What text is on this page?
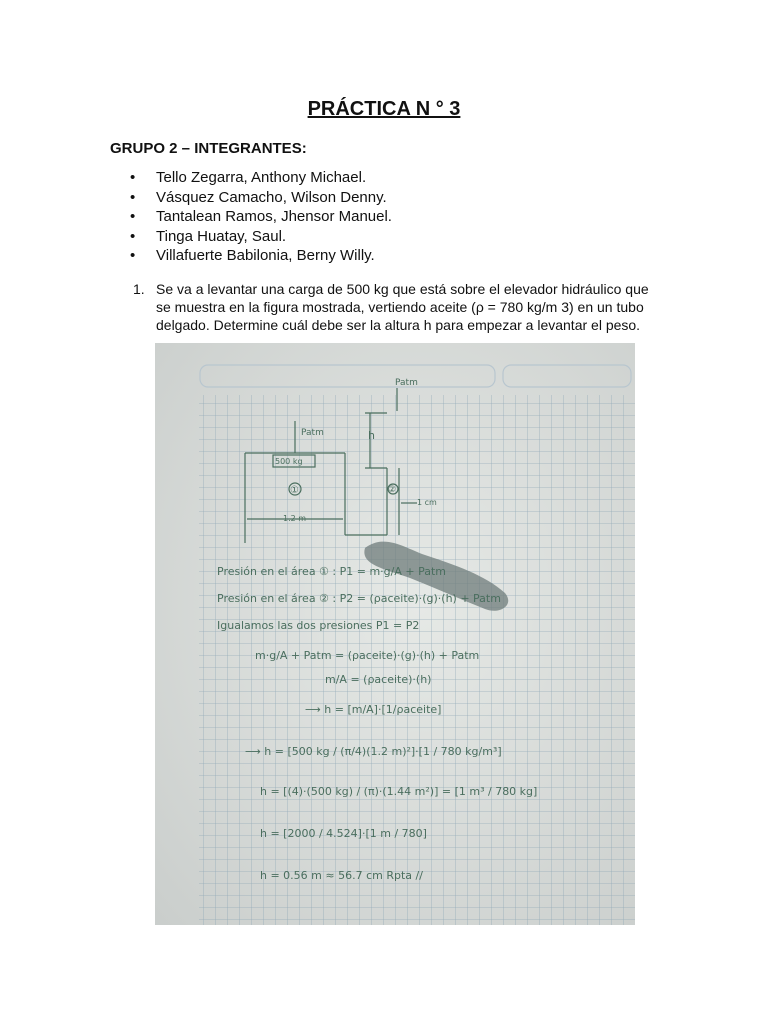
PRÁCTICA N ° 3
GRUPO 2 – INTEGRANTES:
• Tello Zegarra, Anthony Michael.
• Vásquez Camacho, Wilson Denny.
• Tantalean Ramos, Jhensor Manuel.
• Tinga Huatay, Saul.
• Villafuerte Babilonia, Berny Willy.
1. Se va a levantar una carga de 500 kg que está sobre el elevador hidráulico que
se muestra en la figura mostrada, vertiendo aceite (ρ = 780 kg/m 3) en un tubo
delgado. Determine cuál debe ser la altura h para empezar a levantar el peso.
Patm
Patm	h
500 kg
①	②
1.2 m
1 cm
Presión en el área ① : P1 = m·g/A + Patm
Presión en el área ② : P2 = (ρaceite)·(g)·(h) + Patm
Igualamos las dos presiones P1 = P2
m·g/A + Patm = (ρaceite)·(g)·(h) + Patm
m/A = (ρaceite)·(h)
⟶ h = [m/A]·[1/ρaceite]
⟶ h = [500 kg / (π/4)(1.2 m)²]·[1 / 780 kg/m³]
h = [(4)·(500 kg) / (π)·(1.44 m²)] = [1 m³ / 780 kg]
h = [2000 / 4.524]·[1 m / 780]
h = 0.56 m ≈ 56.7 cm Rpta //
